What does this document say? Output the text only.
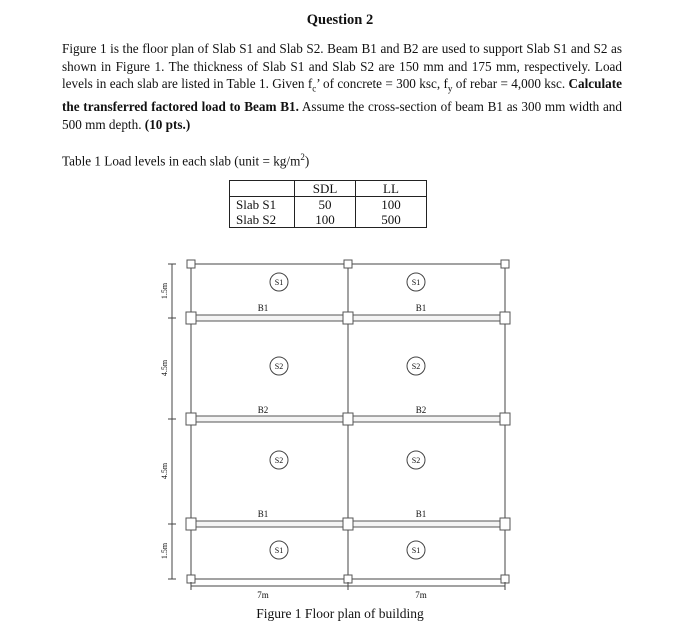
Question 2
Figure 1 is the floor plan of Slab S1 and Slab S2. Beam B1 and B2 are used to support Slab S1 and S2 as shown in Figure 1. The thickness of Slab S1 and Slab S2 are 150 mm and 175 mm, respectively. Load levels in each slab are listed in Table 1. Given $f_c$’ of concrete = 300 ksc, $f_y$ of rebar = 4,000 ksc. Calculate the transferred factored load to Beam B1. Assume the cross-section of beam B1 as 300 mm width and 500 mm depth. (10 pts.)
Table 1 Load levels in each slab (unit = $kg/m^2$)
	SDL	LL
Slab S1	50	100
Slab S2	100	500
S1	S1
S2	S2
S2	S2
S1	S1
B1	B1
B2	B2
B1	B1
1.5m
4.5m
4.5m
1.5m
7m	7m
Figure 1 Floor plan of building
